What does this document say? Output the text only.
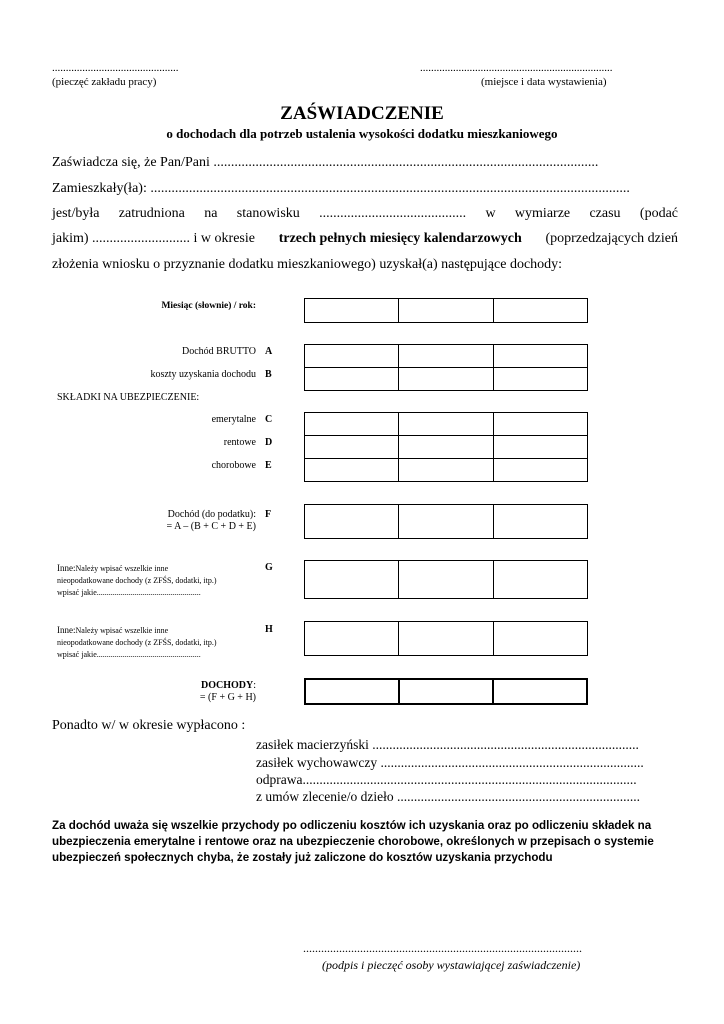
..............................................
(pieczęć zakładu pracy)
......................................................................
(miejsce i data wystawienia)
ZAŚWIADCZENIE
o dochodach dla potrzeb ustalenia wysokości dodatku mieszkaniowego
Zaświadcza się, że Pan/Pani ..............................................................................................................
Zamieszkały(ła): .........................................................................................................................................
jest/była zatrudniona na stanowisku .......................................... w wymiarze czasu (podać
jakim) ............................ i w okresie trzech pełnych miesięcy kalendarzowych (poprzedzających dzień
złożenia wniosku o przyznanie dodatku mieszkaniowego) uzyskał(a) następujące dochody:
Miesiąc (słownie) / rok:
Dochód BRUTTO A
koszty uzyskania dochodu B
SKŁADKI NA UBEZPIECZENIE:
emerytalne C
rentowe D
chorobowe E
Dochód (do podatku):
= A – (B + C + D + E)
F
Inne:Należy wpisać wszelkie inne
nieopodatkowane dochody (z ZFŚS, dodatki, itp.)
wpisać jakie....................................................
G
Inne:Należy wpisać wszelkie inne
nieopodatkowane dochody (z ZFŚS, dodatki, itp.)
wpisać jakie....................................................
H
DOCHODY:
= (F + G + H)
Ponadto w/ w okresie wypłacono :
zasiłek macierzyński ...............................................................................
zasiłek wychowawczy ..............................................................................
odprawa...................................................................................................
z umów zlecenie/o dzieło ........................................................................
Za dochód uważa się wszelkie przychody po odliczeniu kosztów ich uzyskania oraz po odliczeniu składek na
ubezpieczenia emerytalne i rentowe oraz na ubezpieczenie chorobowe, określonych w przepisach o systemie
ubezpieczeń społecznych chyba, że zostały już zaliczone do kosztów uzyskania przychodu
.............................................................................................
(podpis i pieczęć osoby wystawiającej zaświadczenie)
